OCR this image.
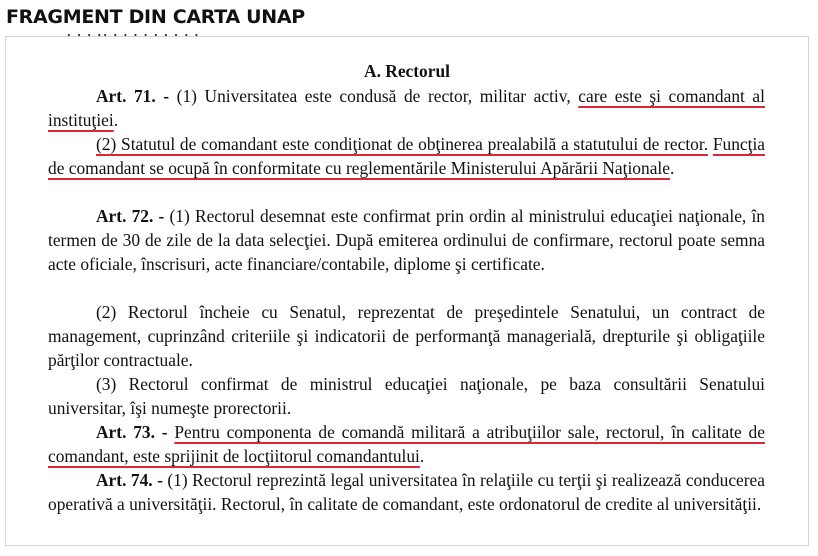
FRAGMENT DIN CARTA UNAP
· · · ·· · · · · · · · · ·
A. Rectorul

Art. 71. - (1) Universitatea este condusă de rector, militar activ, care este şi comandant al instituţiei.

(2) Statutul de comandant este condiţionat de obţinerea prealabilă a statutului de rector. Funcţia de comandant se ocupă în conformitate cu reglementările Ministerului Apărării Naţionale.

Art. 72. - (1) Rectorul desemnat este confirmat prin ordin al ministrului educaţiei naţionale, în termen de 30 de zile de la data selecţiei. După emiterea ordinului de confirmare, rectorul poate semna acte oficiale, înscrisuri, acte financiare/contabile, diplome şi certificate.

(2) Rectorul încheie cu Senatul, reprezentat de preşedintele Senatului, un contract de management, cuprinzând criteriile şi indicatorii de performanţă managerială, drepturile şi obligaţiile părţilor contractuale.

(3) Rectorul confirmat de ministrul educaţiei naţionale, pe baza consultării Senatului universitar, îşi numeşte prorectorii.

Art. 73. - Pentru componenta de comandă militară a atribuţiilor sale, rectorul, în calitate de comandant, este sprijinit de locţiitorul comandantului.

Art. 74. - (1) Rectorul reprezintă legal universitatea în relaţiile cu terţii şi realizează conducerea operativă a universităţii. Rectorul, în calitate de comandant, este ordonatorul de credite al universităţii.
